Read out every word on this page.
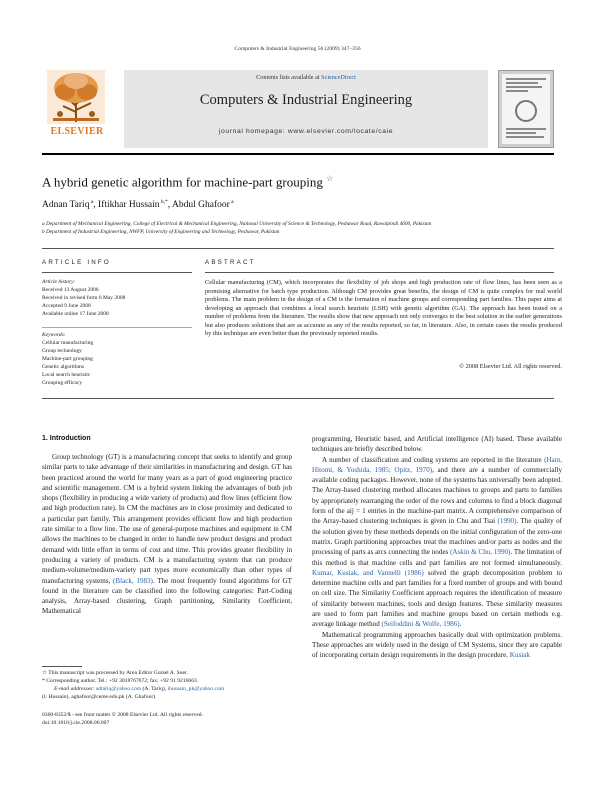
Computers & Industrial Engineering 56 (2009) 347–356
ELSEVIER
Contents lists available at ScienceDirect
Computers & Industrial Engineering
journal homepage: www.elsevier.com/locate/caie
A hybrid genetic algorithm for machine-part grouping ☆
Adnan Tariq $^a$, Iftikhar Hussain $^{b,*}$, Abdul Ghafoor $^a$
a Department of Mechanical Engineering, College of Electrical & Mechanical Engineering, National University of Science & Technology, Peshawar Road, Rawalpindi 4600, Pakistan
b Department of Industrial Engineering, NWFP, University of Engineering and Technology, Peshawar, Pakistan
ARTICLE INFO	ABSTRACT
Article history:
Received 13 August 2006
Received in revised form 6 May 2008
Accepted 9 June 2008
Available online 17 June 2008
Keywords:
Cellular manufacturing
Group technology
Machine-part grouping
Genetic algorithms
Local search heuristic
Grouping efficacy
Cellular manufacturing (CM), which incorporates the flexibility of job shops and high production rate of flow lines, has been seen as a promising alternative for batch type production. Although CM provides great benefits, the design of CM is quite complex for real world problems. The main problem in the design of a CM is the formation of machine groups and corresponding part families. This paper aims at developing an approach that combines a local search heuristic (LSH) with genetic algorithm (GA). The approach has been tested on a number of problems from the literature. The results show that new approach not only converges to the best solution in the earlier generations but also produces solutions that are as accurate as any of the results reported, so far, in literature. Also, in certain cases the results produced by this technique are even better than the previously reported results.
© 2008 Elsevier Ltd. All rights reserved.
1. Introduction

Group technology (GT) is a manufacturing concept that seeks to identify and group similar parts to take advantage of their similarities in manufacturing and design. GT has been practiced around the world for many years as a part of good engineering practice and scientific management. CM is a hybrid system linking the advantages of both job shops (flexibility in producing a wide variety of products) and flow lines (efficient flow and high production rate). In CM the machines are in close proximity and dedicated to a particular part family. This arrangement provides efficient flow and high production rate similar to a flow line. The use of general-purpose machines and equipment in CM allows the machines to be changed in order to handle new product designs and product demand with little effort in terms of cost and time. This provides greater flexibility in producing a variety of products. CM is a manufacturing system that can produce medium-volume/medium-variety part types more economically than other types of manufacturing systems, (Black, 1983). The most frequently found algorithms for GT found in the literature can be classified into the following categories: Part-Coding analysis, Array-based clustering, Graph partitioning, Similarity Coefficient, Mathematical

programming, Heuristic based, and Artificial intelligence (AI) based. These available techniques are briefly described below.

A number of classification and coding systems are reported in the literature (Ham, Hitomi, & Yoshida, 1985; Opitz, 1970), and there are a number of commercially available coding packages. However, none of the systems has universally been adopted. The Array-based clustering method allocates machines to groups and parts to families by appropriately rearranging the order of the rows and columns to find a block diagonal form of the aij = 1 entries in the machine-part matrix. A comprehensive comparison of the Array-based clustering techniques is given in Chu and Tsai (1990). The quality of the solution given by these methods depends on the initial configuration of the zero-one matrix. Graph partitioning approaches treat the machines and/or parts as nodes and the processing of parts as arcs connecting the nodes (Askin & Chu, 1990). The limitation of this method is that machine cells and part families are not formed simultaneously. Kumar, Kusiak, and Vannelli (1986) solved the graph decomposition problem to determine machine cells and part families for a fixed number of groups and with bound on cell size. The Similarity Coefficient approach requires the identification of measure of similarity between machines, tools and design features. These similarity measures are used to form part families and machine groups based on certain methods e.g. average linkage method (Seifoddini & Wolfe, 1986).

Mathematical programming approaches basically deal with optimization problems. These approaches are widely used in the design of CM Systems, since they are capable of incorporating certain design requirements in the design procedure. Kusiak

☆ This manuscript was processed by Area Editor Gursel A. Suer.
* Corresponding author. Tel.: +92 3018767672; fax: +92 91 9216663.
E-mail addresses: adtariq@yahoo.com (A. Tariq), ihussain_pk@yahoo.com
(I. Hussain), aghafoor@ceme.edu.pk (A. Ghafoor).
0360-8352/$ - see front matter © 2008 Elsevier Ltd. All rights reserved.
doi:10.1016/j.cie.2008.06.007
